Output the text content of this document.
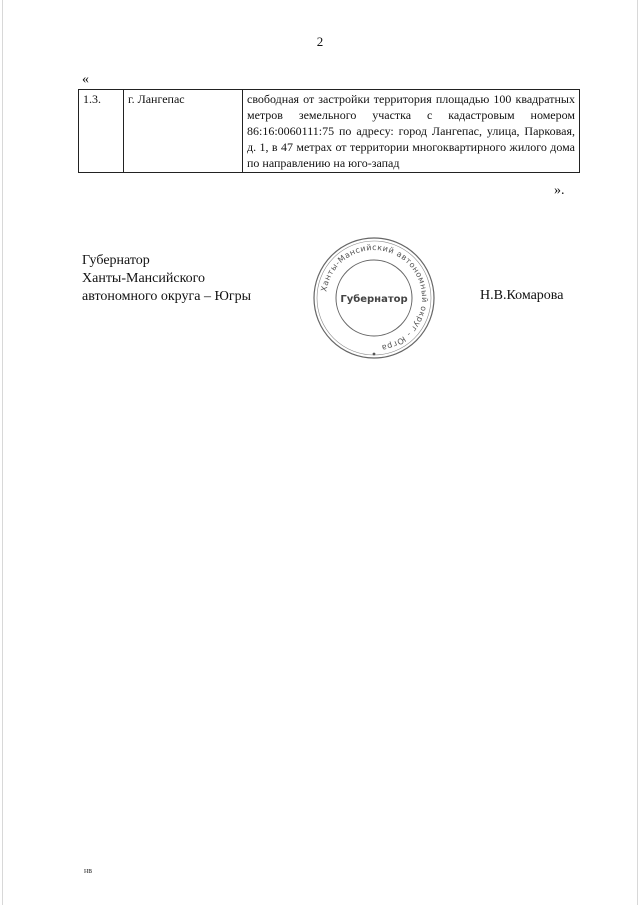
2
«
1.3.	г. Лангепас	свободная от застройки территория площадью 100 квадратных метров земельного участка с кадастровым номером 86:16:0060111:75 по адресу: город Лангепас, улица, Парковая, д. 1, в 47 метрах от территории многоквартирного жилого дома по направлению на юго-запад
».
Губернатор
Ханты-Мансийского
автономного округа – Югры
Ханты-Мансийский автономный округ - Югра
Губернатор	Н.В.Комарова
нв
